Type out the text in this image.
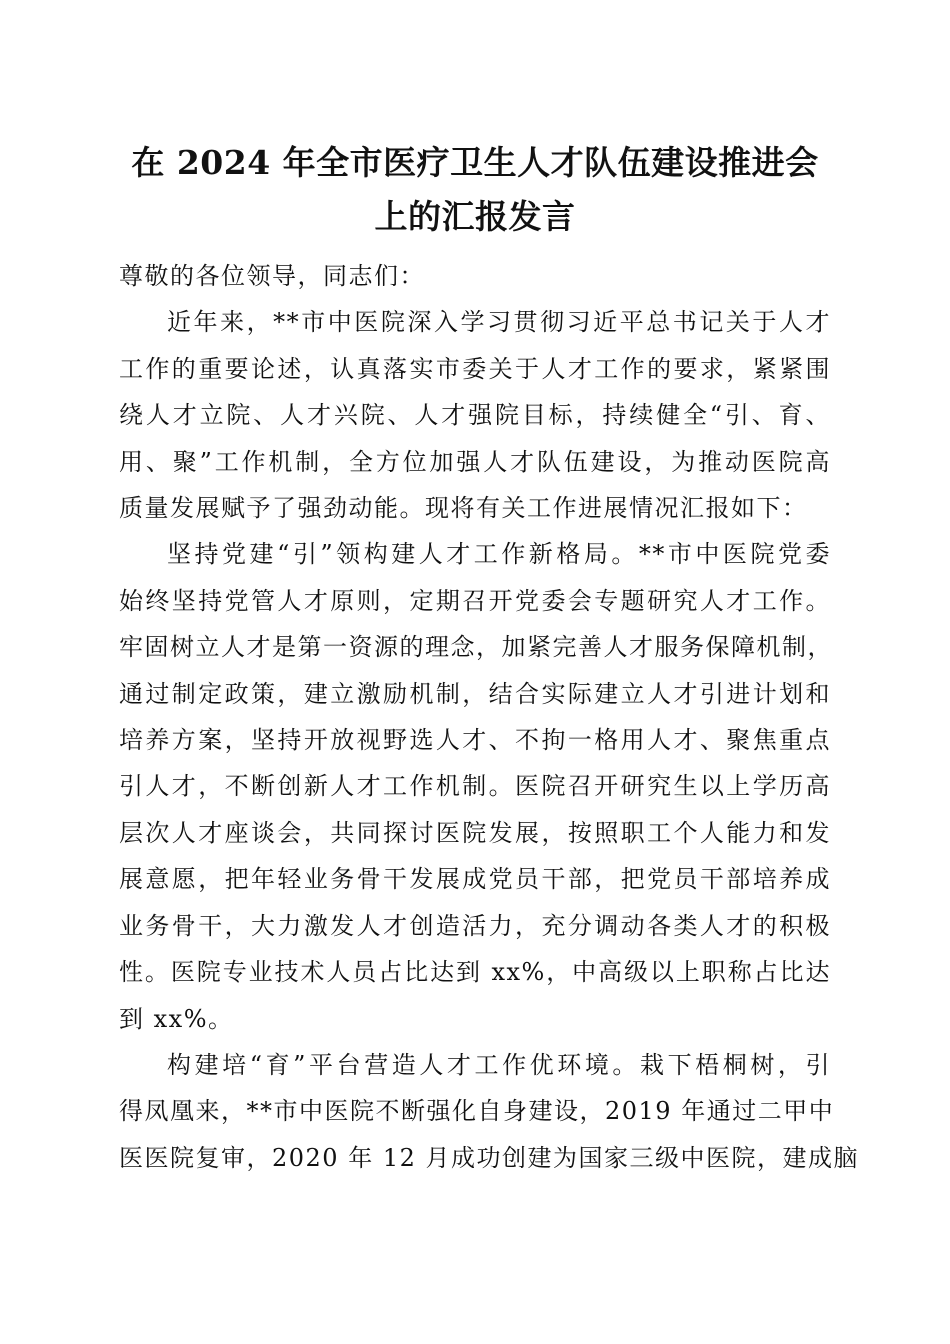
在 2024 年全市医疗卫生人才队伍建设推进会
上的汇报发言
尊敬的各位领导，同志们：
近年来，**市中医院深入学习贯彻习近平总书记关于人才
工作的重要论述，认真落实市委关于人才工作的要求，紧紧围
绕人才立院、人才兴院、人才强院目标，持续健全“引、育、
用、聚”工作机制，全方位加强人才队伍建设，为推动医院高
质量发展赋予了强劲动能。现将有关工作进展情况汇报如下：
坚持党建“引”领构建人才工作新格局。**市中医院党委
始终坚持党管人才原则，定期召开党委会专题研究人才工作。
牢固树立人才是第一资源的理念，加紧完善人才服务保障机制，
通过制定政策，建立激励机制，结合实际建立人才引进计划和
培养方案，坚持开放视野选人才、不拘一格用人才、聚焦重点
引人才，不断创新人才工作机制。医院召开研究生以上学历高
层次人才座谈会，共同探讨医院发展，按照职工个人能力和发
展意愿，把年轻业务骨干发展成党员干部，把党员干部培养成
业务骨干，大力激发人才创造活力，充分调动各类人才的积极
性。医院专业技术人员占比达到 xx%，中高级以上职称占比达
到 xx%。
构建培“育”平台营造人才工作优环境。栽下梧桐树，引
得凤凰来，**市中医院不断强化自身建设，2019 年通过二甲中
医医院复审，2020 年 12 月成功创建为国家三级中医院，建成脑
